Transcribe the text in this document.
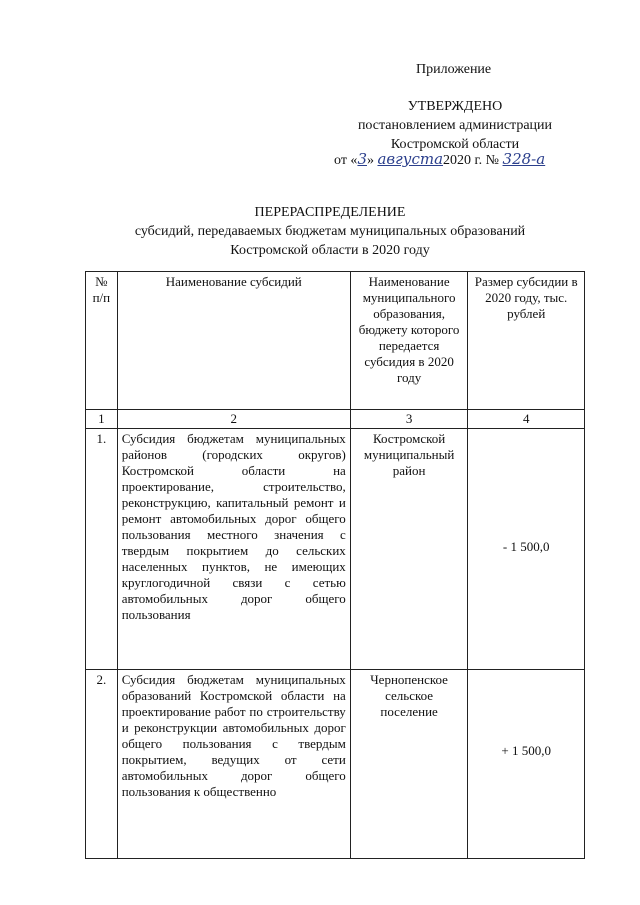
Приложение
УТВЕРЖДЕНО
постановлением администрации
Костромской области
от «3» августа2020 г. № 328-а
ПЕРЕРАСПРЕДЕЛЕНИЕ
субсидий, передаваемых бюджетам муниципальных образований
Костромской области в 2020 году
№ п/п	Наименование субсидий	Наименование муниципального образования, бюджету которого передается субсидия в 2020 году	Размер субсидии в 2020 году, тыс. рублей
1	2	3	4
1.	Субсидия бюджетам муниципальных районов (городских округов) Костромской области на проектирование, строительство, реконструкцию, капитальный ремонт и ремонт автомобильных дорог общего пользования местного значения с твердым покрытием до сельских населенных пунктов, не имеющих круглогодичной связи с сетью автомобильных дорог общего пользования	Костромской муниципальный район	- 1 500,0

2.	Субсидия бюджетам муниципальных образований Костромской области на проектирование работ по строительству и реконструкции автомобильных дорог общего пользования с твердым покрытием, ведущих от сети автомобильных дорог общего пользования к общественно	Чернопенское сельское поселение	+ 1 500,0
